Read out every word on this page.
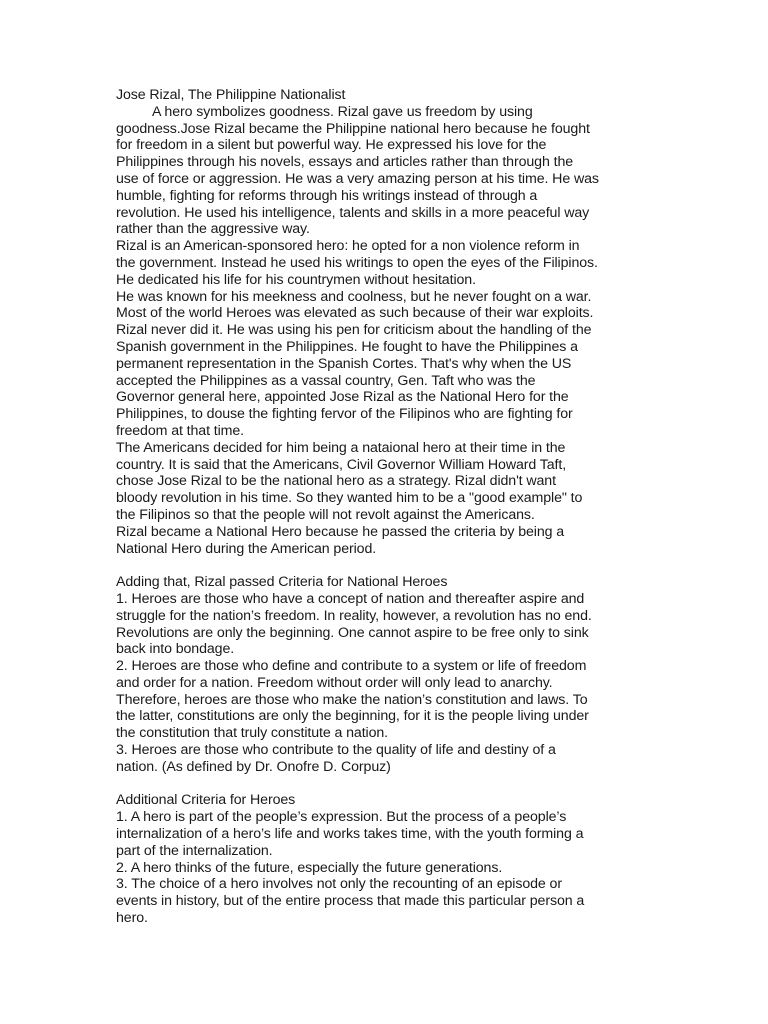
Jose Rizal, The Philippine Nationalist
A hero symbolizes goodness. Rizal gave us freedom by using
goodness.Jose Rizal became the Philippine national hero because he fought
for freedom in a silent but powerful way. He expressed his love for the
Philippines through his novels, essays and articles rather than through the
use of force or aggression. He was a very amazing person at his time. He was
humble, fighting for reforms through his writings instead of through a
revolution. He used his intelligence, talents and skills in a more peaceful way
rather than the aggressive way.
Rizal is an American-sponsored hero: he opted for a non violence reform in
the government. Instead he used his writings to open the eyes of the Filipinos.
He dedicated his life for his countrymen without hesitation.
He was known for his meekness and coolness, but he never fought on a war.
Most of the world Heroes was elevated as such because of their war exploits.
Rizal never did it. He was using his pen for criticism about the handling of the
Spanish government in the Philippines. He fought to have the Philippines a
permanent representation in the Spanish Cortes. That's why when the US
accepted the Philippines as a vassal country, Gen. Taft who was the
Governor general here, appointed Jose Rizal as the National Hero for the
Philippines, to douse the fighting fervor of the Filipinos who are fighting for
freedom at that time.
The Americans decided for him being a nataional hero at their time in the
country. It is said that the Americans, Civil Governor William Howard Taft,
chose Jose Rizal to be the national hero as a strategy. Rizal didn't want
bloody revolution in his time. So they wanted him to be a "good example" to
the Filipinos so that the people will not revolt against the Americans.
Rizal became a National Hero because he passed the criteria by being a
National Hero during the American period.
Adding that, Rizal passed Criteria for National Heroes
1. Heroes are those who have a concept of nation and thereafter aspire and
struggle for the nation’s freedom. In reality, however, a revolution has no end.
Revolutions are only the beginning. One cannot aspire to be free only to sink
back into bondage.
2. Heroes are those who define and contribute to a system or life of freedom
and order for a nation. Freedom without order will only lead to anarchy.
Therefore, heroes are those who make the nation’s constitution and laws. To
the latter, constitutions are only the beginning, for it is the people living under
the constitution that truly constitute a nation.
3. Heroes are those who contribute to the quality of life and destiny of a
nation. (As defined by Dr. Onofre D. Corpuz)
Additional Criteria for Heroes
1. A hero is part of the people’s expression. But the process of a people’s
internalization of a hero’s life and works takes time, with the youth forming a
part of the internalization.
2. A hero thinks of the future, especially the future generations.
3. The choice of a hero involves not only the recounting of an episode or
events in history, but of the entire process that made this particular person a
hero.
